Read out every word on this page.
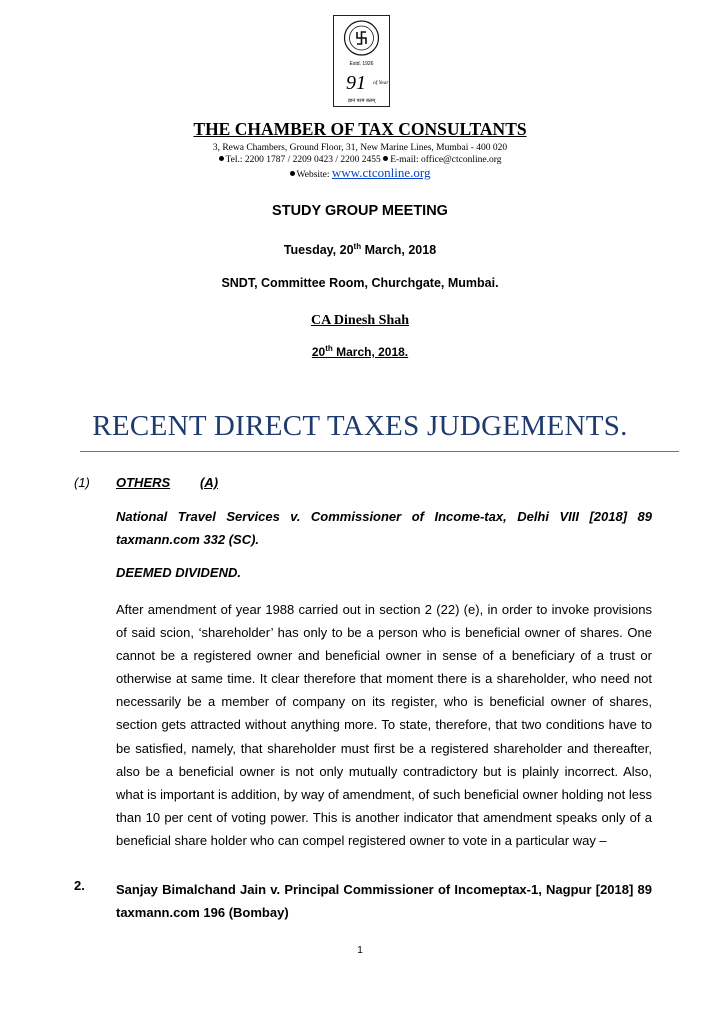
Estd. 1926
91 of Year
ज्ञानं परमं बलम्
THE CHAMBER OF TAX CONSULTANTS
3, Rewa Chambers, Ground Floor, 31, New Marine Lines, Mumbai - 400 020
Tel.: 2200 1787 / 2209 0423 / 2200 2455 E-mail: office@ctconline.org
Website: www.ctconline.org
STUDY GROUP MEETING
Tuesday, 20th March, 2018
SNDT, Committee Room, Churchgate, Mumbai.
CA Dinesh Shah
20th March, 2018.
RECENT DIRECT TAXES JUDGEMENTS.
(1) OTHERS (A)
National Travel Services v. Commissioner of Income-tax, Delhi VIII [2018] 89 taxmann.com 332 (SC).
DEEMED DIVIDEND.
After amendment of year 1988 carried out in section 2 (22) (e), in order to invoke provisions of said scion, ‘shareholder’ has only to be a person who is beneficial owner of shares. One cannot be a registered owner and beneficial owner in sense of a beneficiary of a trust or otherwise at same time. It clear therefore that moment there is a shareholder, who need not necessarily be a member of company on its register, who is beneficial owner of shares, section gets attracted without anything more. To state, therefore, that two conditions have to be satisfied, namely, that shareholder must first be a registered shareholder and thereafter, also be a beneficial owner is not only mutually contradictory but is plainly incorrect. Also, what is important is addition, by way of amendment, of such beneficial owner holding not less than 10 per cent of voting power. This is another indicator that amendment speaks only of a beneficial share holder who can compel registered owner to vote in a particular way –
2. Sanjay Bimalchand Jain v. Principal Commissioner of Incomeptax-1, Nagpur [2018] 89 taxmann.com 196 (Bombay)
1
